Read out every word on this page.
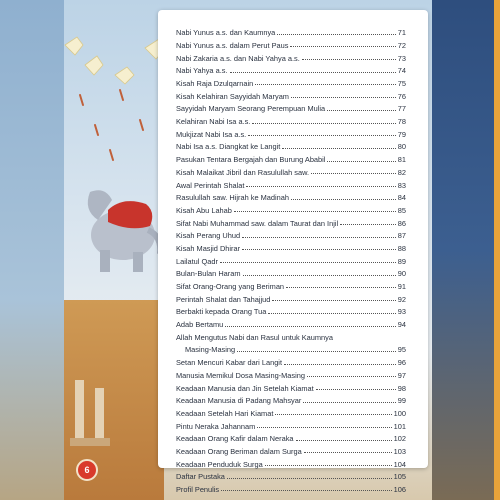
Nabi Yunus a.s. dan Kaumnya	71
Nabi Yunus a.s. dalam Perut Paus	72
Nabi Zakaria a.s. dan Nabi Yahya a.s.	73
Nabi Yahya a.s.	74
Kisah Raja Dzulqarnain	75
Kisah Kelahiran Sayyidah Maryam	76
Sayyidah Maryam Seorang Perempuan Mulia	77
Kelahiran Nabi Isa a.s.	78
Mukjizat Nabi Isa a.s.	79
Nabi Isa a.s. Diangkat ke Langit	80
Pasukan Tentara Bergajah dan Burung Ababil	81
Kisah Malaikat Jibril dan Rasulullah saw.	82
Awal Perintah Shalat	83
Rasulullah saw. Hijrah ke Madinah	84
Kisah Abu Lahab	85
Sifat Nabi Muhammad saw. dalam Taurat dan Injil	86
Kisah Perang Uhud	87
Kisah Masjid Dhirar	88
Lailatul Qadr	89
Bulan-Bulan Haram	90
Sifat Orang-Orang yang Beriman	91
Perintah Shalat dan Tahajjud	92
Berbakti kepada Orang Tua	93
Adab Bertamu	94
Allah Mengutus Nabi dan Rasul untuk Kaumnya
Masing-Masing	95
Setan Mencuri Kabar dari Langit	96
Manusia Memikul Dosa Masing-Masing	97
Keadaan Manusia dan Jin Setelah Kiamat	98
Keadaan Manusia di Padang Mahsyar	99
Keadaan Setelah Hari Kiamat	100
Pintu Neraka Jahannam	101
Keadaan Orang Kafir dalam Neraka	102
Keadaan Orang Beriman dalam Surga	103
Keadaan Penduduk Surga	104
Daftar Pustaka	105
Profil Penulis	106
6
